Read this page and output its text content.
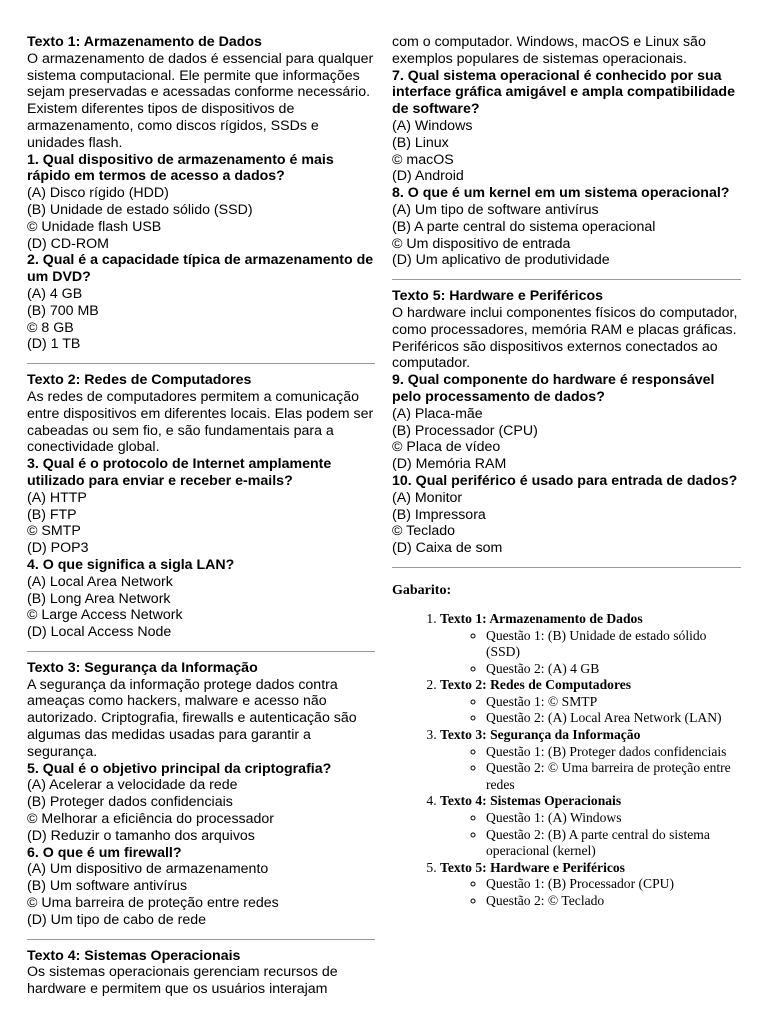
Texto 1: Armazenamento de Dados

O armazenamento de dados é essencial para qualquer sistema computacional. Ele permite que informações sejam preservadas e acessadas conforme necessário. Existem diferentes tipos de dispositivos de armazenamento, como discos rígidos, SSDs e unidades flash.

1. Qual dispositivo de armazenamento é mais rápido em termos de acesso a dados?

(A) Disco rígido (HDD)

(B) Unidade de estado sólido (SSD)

© Unidade flash USB

(D) CD-ROM

2. Qual é a capacidade típica de armazenamento de um DVD?

(A) 4 GB

(B) 700 MB

© 8 GB

(D) 1 TB

Texto 2: Redes de Computadores

As redes de computadores permitem a comunicação entre dispositivos em diferentes locais. Elas podem ser cabeadas ou sem fio, e são fundamentais para a conectividade global.

3. Qual é o protocolo de Internet amplamente utilizado para enviar e receber e-mails?

(A) HTTP

(B) FTP

© SMTP

(D) POP3

4. O que significa a sigla LAN?

(A) Local Area Network

(B) Long Area Network

© Large Access Network

(D) Local Access Node

Texto 3: Segurança da Informação

A segurança da informação protege dados contra ameaças como hackers, malware e acesso não autorizado. Criptografia, firewalls e autenticação são algumas das medidas usadas para garantir a segurança.

5. Qual é o objetivo principal da criptografia?

(A) Acelerar a velocidade da rede

(B) Proteger dados confidenciais

© Melhorar a eficiência do processador

(D) Reduzir o tamanho dos arquivos

6. O que é um firewall?

(A) Um dispositivo de armazenamento

(B) Um software antivírus

© Uma barreira de proteção entre redes

(D) Um tipo de cabo de rede

Texto 4: Sistemas Operacionais

Os sistemas operacionais gerenciam recursos de hardware e permitem que os usuários interajam

com o computador. Windows, macOS e Linux são exemplos populares de sistemas operacionais.

7. Qual sistema operacional é conhecido por sua interface gráfica amigável e ampla compatibilidade de software?

(A) Windows

(B) Linux

© macOS

(D) Android

8. O que é um kernel em um sistema operacional?

(A) Um tipo de software antivírus

(B) A parte central do sistema operacional

© Um dispositivo de entrada

(D) Um aplicativo de produtividade

Texto 5: Hardware e Periféricos

O hardware inclui componentes físicos do computador, como processadores, memória RAM e placas gráficas. Periféricos são dispositivos externos conectados ao computador.

9. Qual componente do hardware é responsável pelo processamento de dados?

(A) Placa-mãe

(B) Processador (CPU)

© Placa de vídeo

(D) Memória RAM

10. Qual periférico é usado para entrada de dados?

(A) Monitor

(B) Impressora

© Teclado

(D) Caixa de som

Gabarito:

1. Texto 1: Armazenamento de Dados
◦ Questão 1: (B) Unidade de estado sólido (SSD)
◦ Questão 2: (A) 4 GB
2. Texto 2: Redes de Computadores
◦ Questão 1: © SMTP
◦ Questão 2: (A) Local Area Network (LAN)
3. Texto 3: Segurança da Informação
◦ Questão 1: (B) Proteger dados confidenciais
◦ Questão 2: © Uma barreira de proteção entre redes
4. Texto 4: Sistemas Operacionais
◦ Questão 1: (A) Windows
◦ Questão 2: (B) A parte central do sistema operacional (kernel)
5. Texto 5: Hardware e Periféricos
◦ Questão 1: (B) Processador (CPU)
◦ Questão 2: © Teclado
